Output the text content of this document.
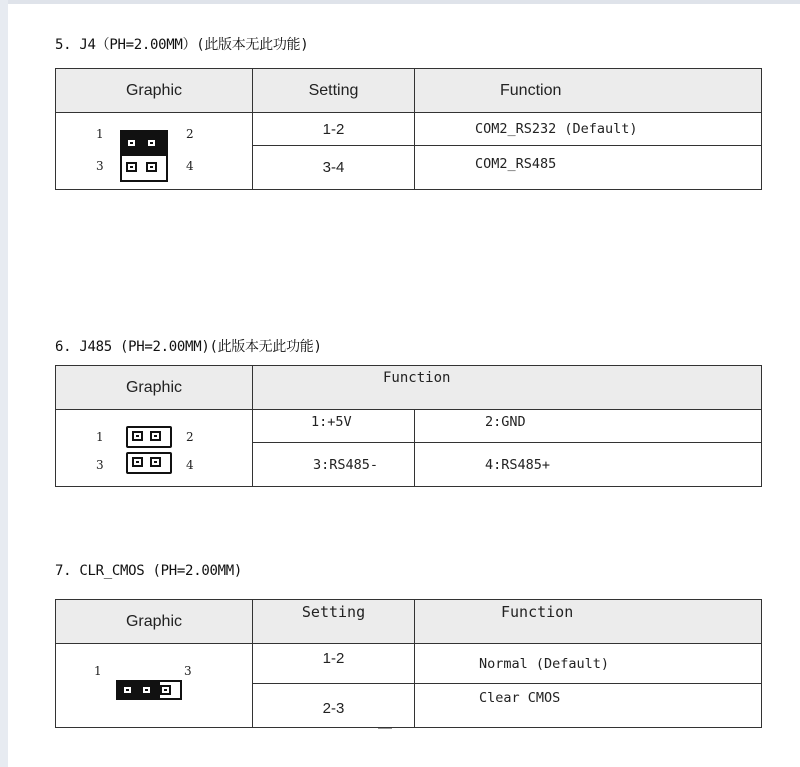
5. J4（PH=2.00MM）(此版本无此功能)
Graphic	Setting	Function

1 2
3 4	1-2	COM2_RS232 (Default)
	3-4	COM2_RS485
6. J485 (PH=2.00MM)(此版本无此功能)
Graphic	Function	

1 2
3 4	1:+5V	2:GND
	3:RS485-	4:RS485+
7. CLR_CMOS (PH=2.00MM)
Graphic	Setting	Function

1 3	1-2	Normal (Default)
	2-3	Clear CMOS
